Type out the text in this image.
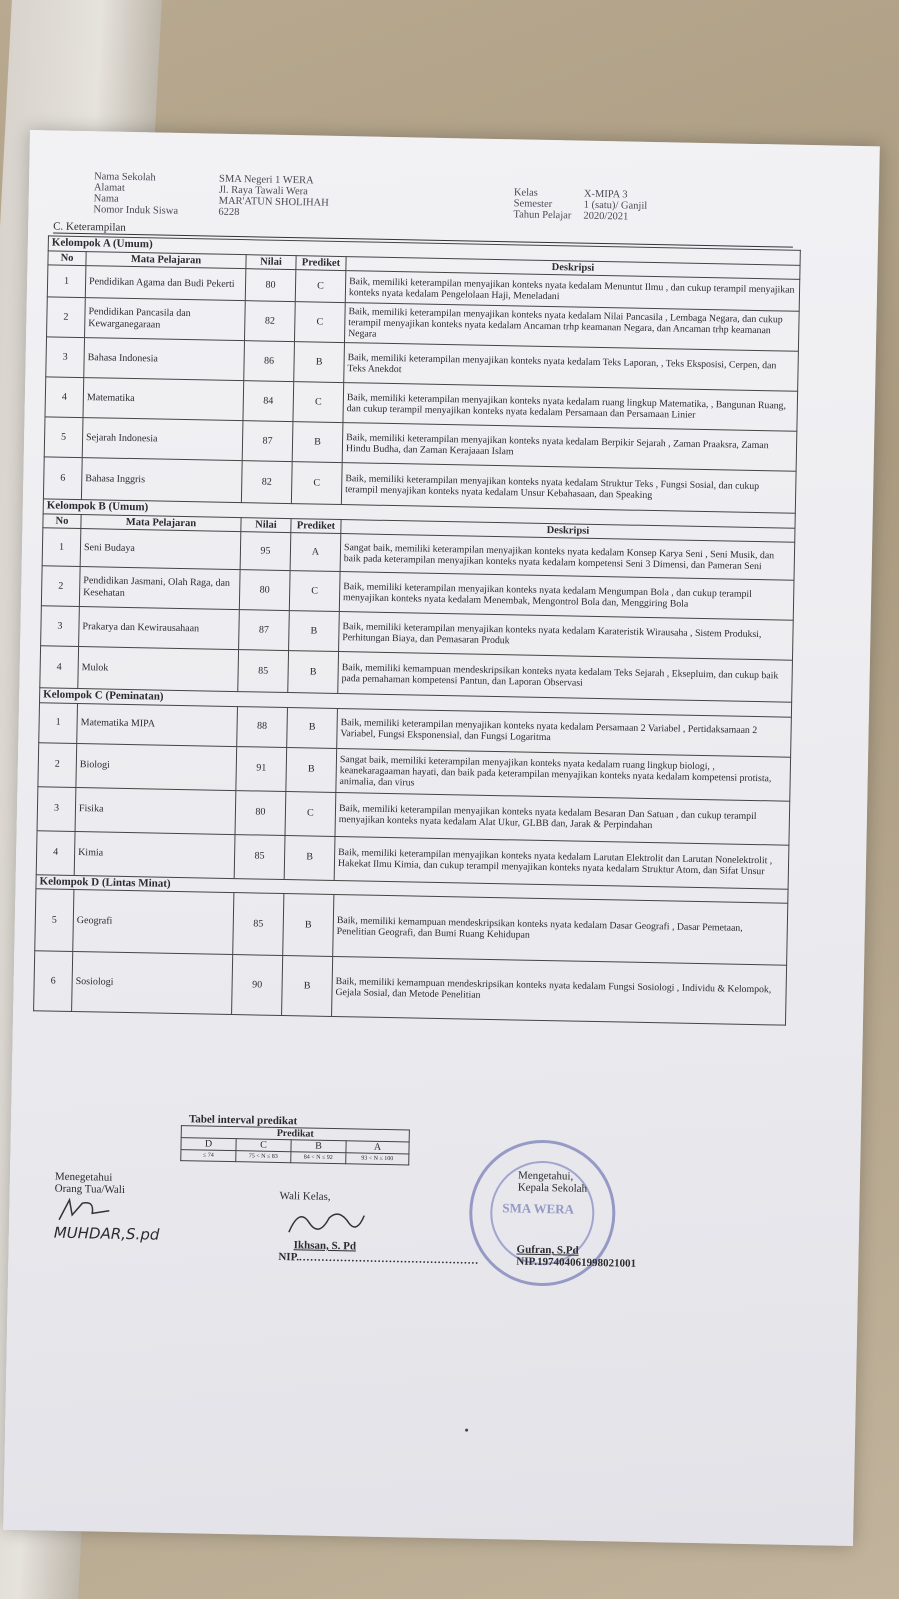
Nama Sekolah	SMA Negeri 1 WERA
Alamat	Jl. Raya Tawali Wera
Nama	MAR'ATUN SHOLIHAH
Nomor Induk Siswa	6228
Kelas	X-MIPA 3
Semester	1 (satu)/ Ganjil
Tahun Pelajar	2020/2021
C. Keterampilan
Kelompok A (Umum)				
No	Mata Pelajaran	Nilai	Prediket	Deskripsi
1	Pendidikan Agama dan Budi Pekerti	80	C	Baik, memiliki keterampilan menyajikan konteks nyata kedalam Menuntut Ilmu , dan cukup terampil menyajikan konteks nyata kedalam Pengelolaan Haji, Meneladani
2	Pendidikan Pancasila dan Kewarganegaraan	82	C	Baik, memiliki keterampilan menyajikan konteks nyata kedalam Nilai Pancasila , Lembaga Negara, dan cukup terampil menyajikan konteks nyata kedalam Ancaman trhp keamanan Negara, dan Ancaman trhp keamanan Negara
3	Bahasa Indonesia	86	B	Baik, memiliki keterampilan menyajikan konteks nyata kedalam Teks Laporan, , Teks Eksposisi, Cerpen, dan Teks Anekdot
4	Matematika	84	C	Baik, memiliki keterampilan menyajikan konteks nyata kedalam ruang lingkup Matematika, , Bangunan Ruang, dan cukup terampil menyajikan konteks nyata kedalam Persamaan dan Persamaan Linier
5	Sejarah Indonesia	87	B	Baik, memiliki keterampilan menyajikan konteks nyata kedalam Berpikir Sejarah , Zaman Praaksra, Zaman Hindu Budha, dan Zaman Kerajaaan Islam
6	Bahasa Inggris	82	C	Baik, memiliki keterampilan menyajikan konteks nyata kedalam Struktur Teks , Fungsi Sosial, dan cukup terampil menyajikan konteks nyata kedalam Unsur Kebahasaan, dan Speaking
Kelompok B (Umum)				
No	Mata Pelajaran	Nilai	Prediket	Deskripsi
1	Seni Budaya	95	A	Sangat baik, memiliki keterampilan menyajikan konteks nyata kedalam Konsep Karya Seni , Seni Musik, dan baik pada keterampilan menyajikan konteks nyata kedalam kompetensi Seni 3 Dimensi, dan Pameran Seni
2	Pendidikan Jasmani, Olah Raga, dan Kesehatan	80	C	Baik, memiliki keterampilan menyajikan konteks nyata kedalam Mengumpan Bola , dan cukup terampil menyajikan konteks nyata kedalam Menembak, Mengontrol Bola dan, Menggiring Bola
3	Prakarya dan Kewirausahaan	87	B	Baik, memiliki keterampilan menyajikan konteks nyata kedalam Karateristik Wirausaha , Sistem Produksi, Perhitungan Biaya, dan Pemasaran Produk
4	Mulok	85	B	Baik, memiliki kemampuan mendeskripsikan konteks nyata kedalam Teks Sejarah , Eksepluim, dan cukup baik pada pemahaman kompetensi Pantun, dan Laporan Observasi
Kelompok C (Peminatan)				
1	Matematika MIPA	88	B	Baik, memiliki keterampilan menyajikan konteks nyata kedalam Persamaan 2 Variabel , Pertidaksamaan 2 Variabel, Fungsi Eksponensial, dan Fungsi Logaritma
2	Biologi	91	B	Sangat baik, memiliki keterampilan menyajikan konteks nyata kedalam ruang lingkup biologi, , keanekaragaaman hayati, dan baik pada keterampilan menyajikan konteks nyata kedalam kompetensi protista, animalia, dan virus
3	Fisika	80	C	Baik, memiliki keterampilan menyajikan konteks nyata kedalam Besaran Dan Satuan , dan cukup terampil menyajikan konteks nyata kedalam Alat Ukur, GLBB dan, Jarak & Perpindahan
4	Kimia	85	B	Baik, memiliki keterampilan menyajikan konteks nyata kedalam Larutan Elektrolit dan Larutan Nonelektrolit , Hakekat Ilmu Kimia, dan cukup terampil menyajikan konteks nyata kedalam Struktur Atom, dan Sifat Unsur
Kelompok D (Lintas Minat)				
5	Geografi	85	B	Baik, memiliki kemampuan mendeskripsikan konteks nyata kedalam Dasar Geografi , Dasar Pemetaan, Penelitian Geografi, dan Bumi Ruang Kehidupan
6	Sosiologi	90	B	Baik, memiliki kemampuan mendeskripsikan konteks nyata kedalam Fungsi Sosiologi , Individu & Kelompok, Gejala Sosial, dan Metode Penelitian
Tabel interval predikat
Predikat			
D	C	B	A
≤ 74	75 < N ≤ 83	84 < N ≤ 92	93 < N ≤ 100
Menegetahui
Orang Tua/Wali
MUHDAR,S.pd
Wali Kelas,
Ikhsan, S. Pd
NIP.................................................
SMA WERA
Mengetahui,
Kepala Sekolah
Gufran, S.Pd
NIP.197404061998021001
